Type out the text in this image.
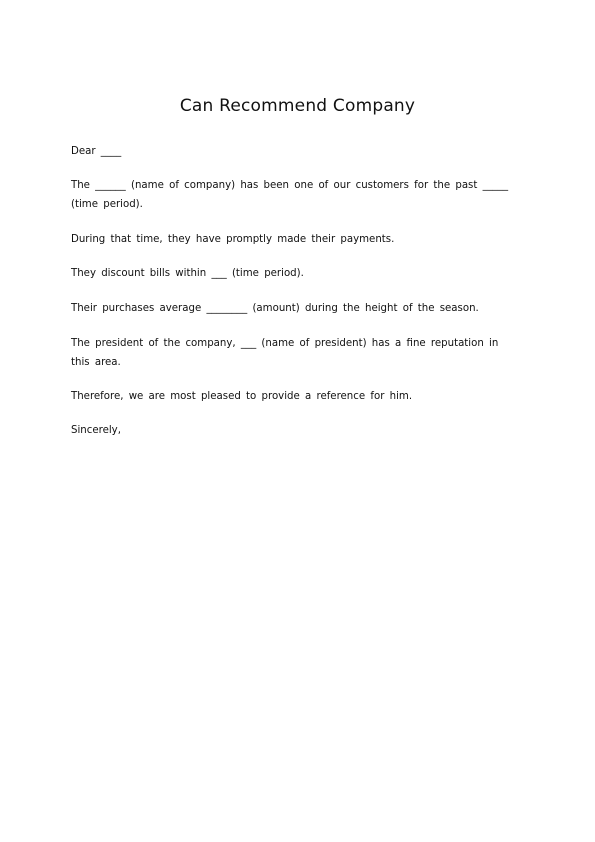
Can Recommend Company
Dear ____
The ______ (name of company) has been one of our customers for the past _____ (time period).
During that time, they have promptly made their payments.
They discount bills within ___ (time period).
Their purchases average ________ (amount) during the height of the season.
The president of the company, ___ (name of president) has a fine reputation in this area.
Therefore, we are most pleased to provide a reference for him.
Sincerely,
